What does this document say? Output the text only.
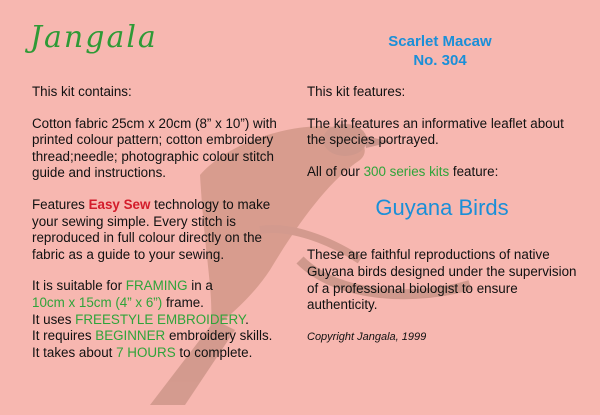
Jangala	Scarlet Macaw
No. 304

This kit contains:

Cotton fabric 25cm x 20cm (8” x 10”) with printed colour pattern; cotton embroidery thread;needle; photographic colour stitch guide and instructions.

Features Easy Sew technology to make your sewing simple. Every stitch is reproduced in full colour directly on the fabric as a guide to your sewing.

It is suitable for FRAMING in a
10cm x 15cm (4” x 6”) frame.
It uses FREESTYLE EMBROIDERY.
It requires BEGINNER embroidery skills.
It takes about 7 HOURS to complete.

This kit features:

The kit features an informative leaflet about the species portrayed.

All of our 300 series kits feature:

Guyana Birds

These are faithful reproductions of native Guyana birds designed under the supervision of a professional biologist to ensure authenticity.

Copyright Jangala, 1999
